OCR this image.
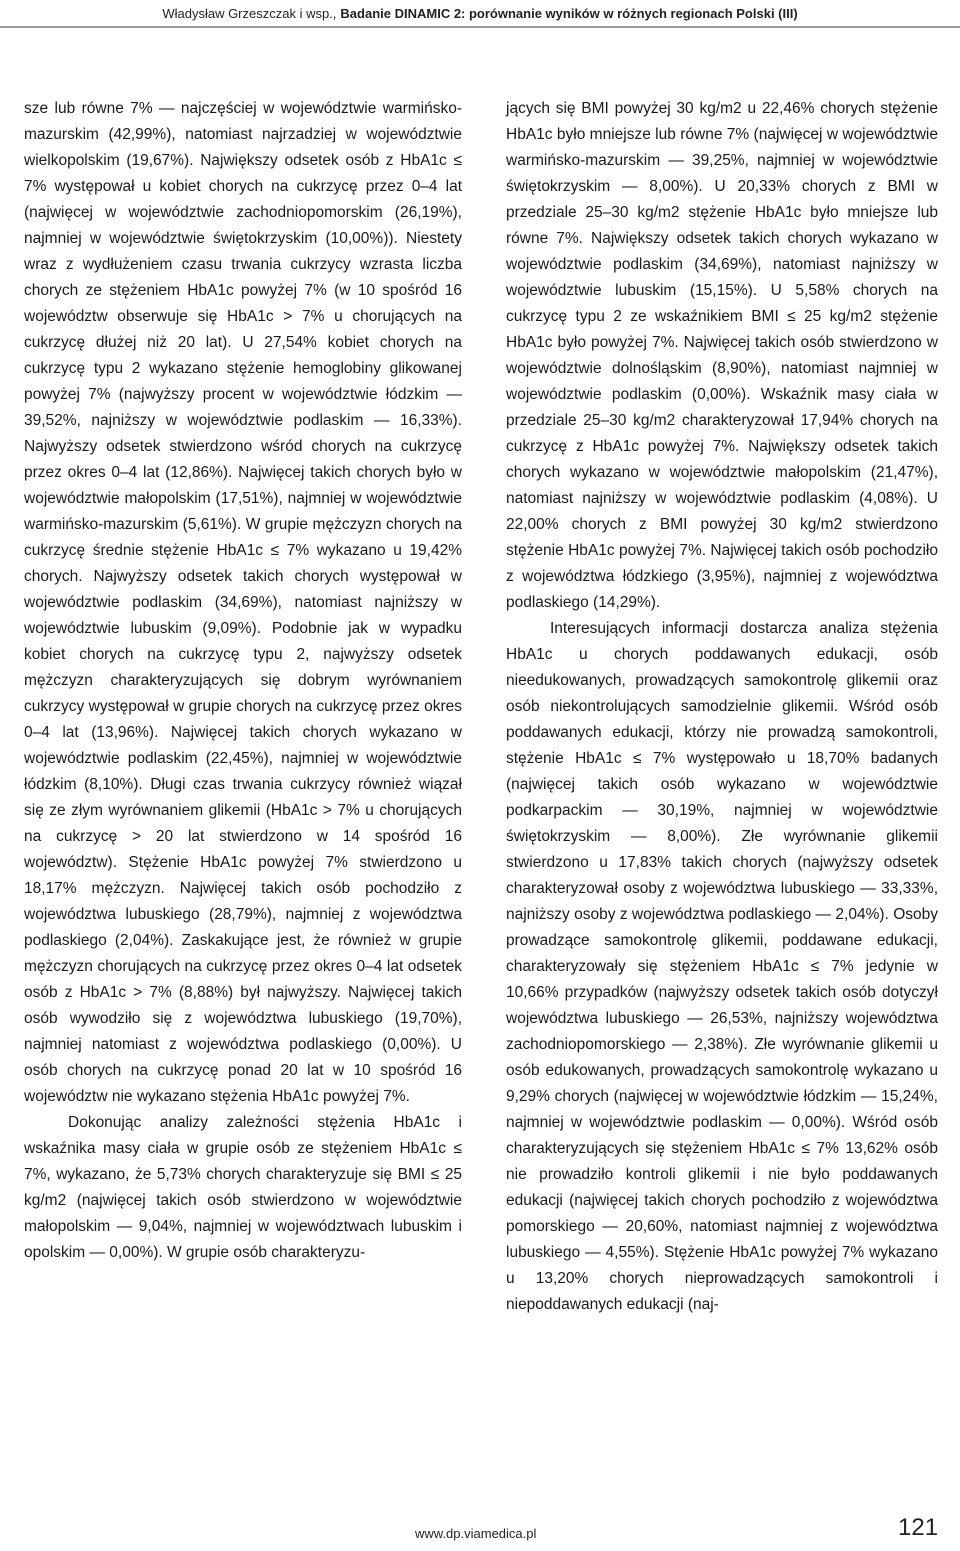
Władysław Grzeszczak i wsp., Badanie DINAMIC 2: porównanie wyników w różnych regionach Polski (III)

sze lub równe 7% — najczęściej w województwie warmińsko-mazurskim (42,99%), natomiast najrzadziej w województwie wielkopolskim (19,67%). Największy odsetek osób z HbA1c ≤ 7% występował u kobiet chorych na cukrzycę przez 0–4 lat (najwięcej w województwie zachodniopomorskim (26,19%), najmniej w województwie świętokrzyskim (10,00%)). Niestety wraz z wydłużeniem czasu trwania cukrzycy wzrasta liczba chorych ze stężeniem HbA1c powyżej 7% (w 10 spośród 16 województw obserwuje się HbA1c > 7% u chorujących na cukrzycę dłużej niż 20 lat). U 27,54% kobiet chorych na cukrzycę typu 2 wykazano stężenie hemoglobiny glikowanej powyżej 7% (najwyższy procent w województwie łódzkim — 39,52%, najniższy w województwie podlaskim — 16,33%). Najwyższy odsetek stwierdzono wśród chorych na cukrzycę przez okres 0–4 lat (12,86%). Najwięcej takich chorych było w województwie małopolskim (17,51%), najmniej w województwie warmińsko-mazurskim (5,61%). W grupie mężczyzn chorych na cukrzycę średnie stężenie HbA1c ≤ 7% wykazano u 19,42% chorych. Najwyższy odsetek takich chorych występował w województwie podlaskim (34,69%), natomiast najniższy w województwie lubuskim (9,09%). Podobnie jak w wypadku kobiet chorych na cukrzycę typu 2, najwyższy odsetek mężczyzn charakteryzujących się dobrym wyrównaniem cukrzycy występował w grupie chorych na cukrzycę przez okres 0–4 lat (13,96%). Najwięcej takich chorych wykazano w województwie podlaskim (22,45%), najmniej w województwie łódzkim (8,10%). Długi czas trwania cukrzycy również wiązał się ze złym wyrównaniem glikemii (HbA1c > 7% u chorujących na cukrzycę > 20 lat stwierdzono w 14 spośród 16 województw). Stężenie HbA1c powyżej 7% stwierdzono u 18,17% mężczyzn. Najwięcej takich osób pochodziło z województwa lubuskiego (28,79%), najmniej z województwa podlaskiego (2,04%). Zaskakujące jest, że również w grupie mężczyzn chorujących na cukrzycę przez okres 0–4 lat odsetek osób z HbA1c > 7% (8,88%) był najwyższy. Najwięcej takich osób wywodziło się z województwa lubuskiego (19,70%), najmniej natomiast z województwa podlaskiego (0,00%). U osób chorych na cukrzycę ponad 20 lat w 10 spośród 16 województw nie wykazano stężenia HbA1c powyżej 7%.

Dokonując analizy zależności stężenia HbA1c i wskaźnika masy ciała w grupie osób ze stężeniem HbA1c ≤ 7%, wykazano, że 5,73% chorych charakteryzuje się BMI ≤ 25 kg/m2 (najwięcej takich osób stwierdzono w województwie małopolskim — 9,04%, najmniej w województwach lubuskim i opolskim — 0,00%). W grupie osób charakteryzu-

jących się BMI powyżej 30 kg/m2 u 22,46% chorych stężenie HbA1c było mniejsze lub równe 7% (najwięcej w województwie warmińsko-mazurskim — 39,25%, najmniej w województwie świętokrzyskim — 8,00%). U 20,33% chorych z BMI w przedziale 25–30 kg/m2 stężenie HbA1c było mniejsze lub równe 7%. Największy odsetek takich chorych wykazano w województwie podlaskim (34,69%), natomiast najniższy w województwie lubuskim (15,15%). U 5,58% chorych na cukrzycę typu 2 ze wskaźnikiem BMI ≤ 25 kg/m2 stężenie HbA1c było powyżej 7%. Najwięcej takich osób stwierdzono w województwie dolnośląskim (8,90%), natomiast najmniej w województwie podlaskim (0,00%). Wskaźnik masy ciała w przedziale 25–30 kg/m2 charakteryzował 17,94% chorych na cukrzycę z HbA1c powyżej 7%. Największy odsetek takich chorych wykazano w województwie małopolskim (21,47%), natomiast najniższy w województwie podlaskim (4,08%). U 22,00% chorych z BMI powyżej 30 kg/m2 stwierdzono stężenie HbA1c powyżej 7%. Najwięcej takich osób pochodziło z województwa łódzkiego (3,95%), najmniej z województwa podlaskiego (14,29%).

Interesujących informacji dostarcza analiza stężenia HbA1c u chorych poddawanych edukacji, osób nieedukowanych, prowadzących samokontrolę glikemii oraz osób niekontrolujących samodzielnie glikemii. Wśród osób poddawanych edukacji, którzy nie prowadzą samokontroli, stężenie HbA1c ≤ 7% występowało u 18,70% badanych (najwięcej takich osób wykazano w województwie podkarpackim — 30,19%, najmniej w województwie świętokrzyskim — 8,00%). Złe wyrównanie glikemii stwierdzono u 17,83% takich chorych (najwyższy odsetek charakteryzował osoby z województwa lubuskiego — 33,33%, najniższy osoby z województwa podlaskiego — 2,04%). Osoby prowadzące samokontrolę glikemii, poddawane edukacji, charakteryzowały się stężeniem HbA1c ≤ 7% jedynie w 10,66% przypadków (najwyższy odsetek takich osób dotyczył województwa lubuskiego — 26,53%, najniższy województwa zachodniopomorskiego — 2,38%). Złe wyrównanie glikemii u osób edukowanych, prowadzących samokontrolę wykazano u 9,29% chorych (najwięcej w województwie łódzkim — 15,24%, najmniej w województwie podlaskim — 0,00%). Wśród osób charakteryzujących się stężeniem HbA1c ≤ 7% 13,62% osób nie prowadziło kontroli glikemii i nie było poddawanych edukacji (najwięcej takich chorych pochodziło z województwa pomorskiego — 20,60%, natomiast najmniej z województwa lubuskiego — 4,55%). Stężenie HbA1c powyżej 7% wykazano u 13,20% chorych nieprowadzących samokontroli i niepoddawanych edukacji (naj-

www.dp.viamedica.pl	121
